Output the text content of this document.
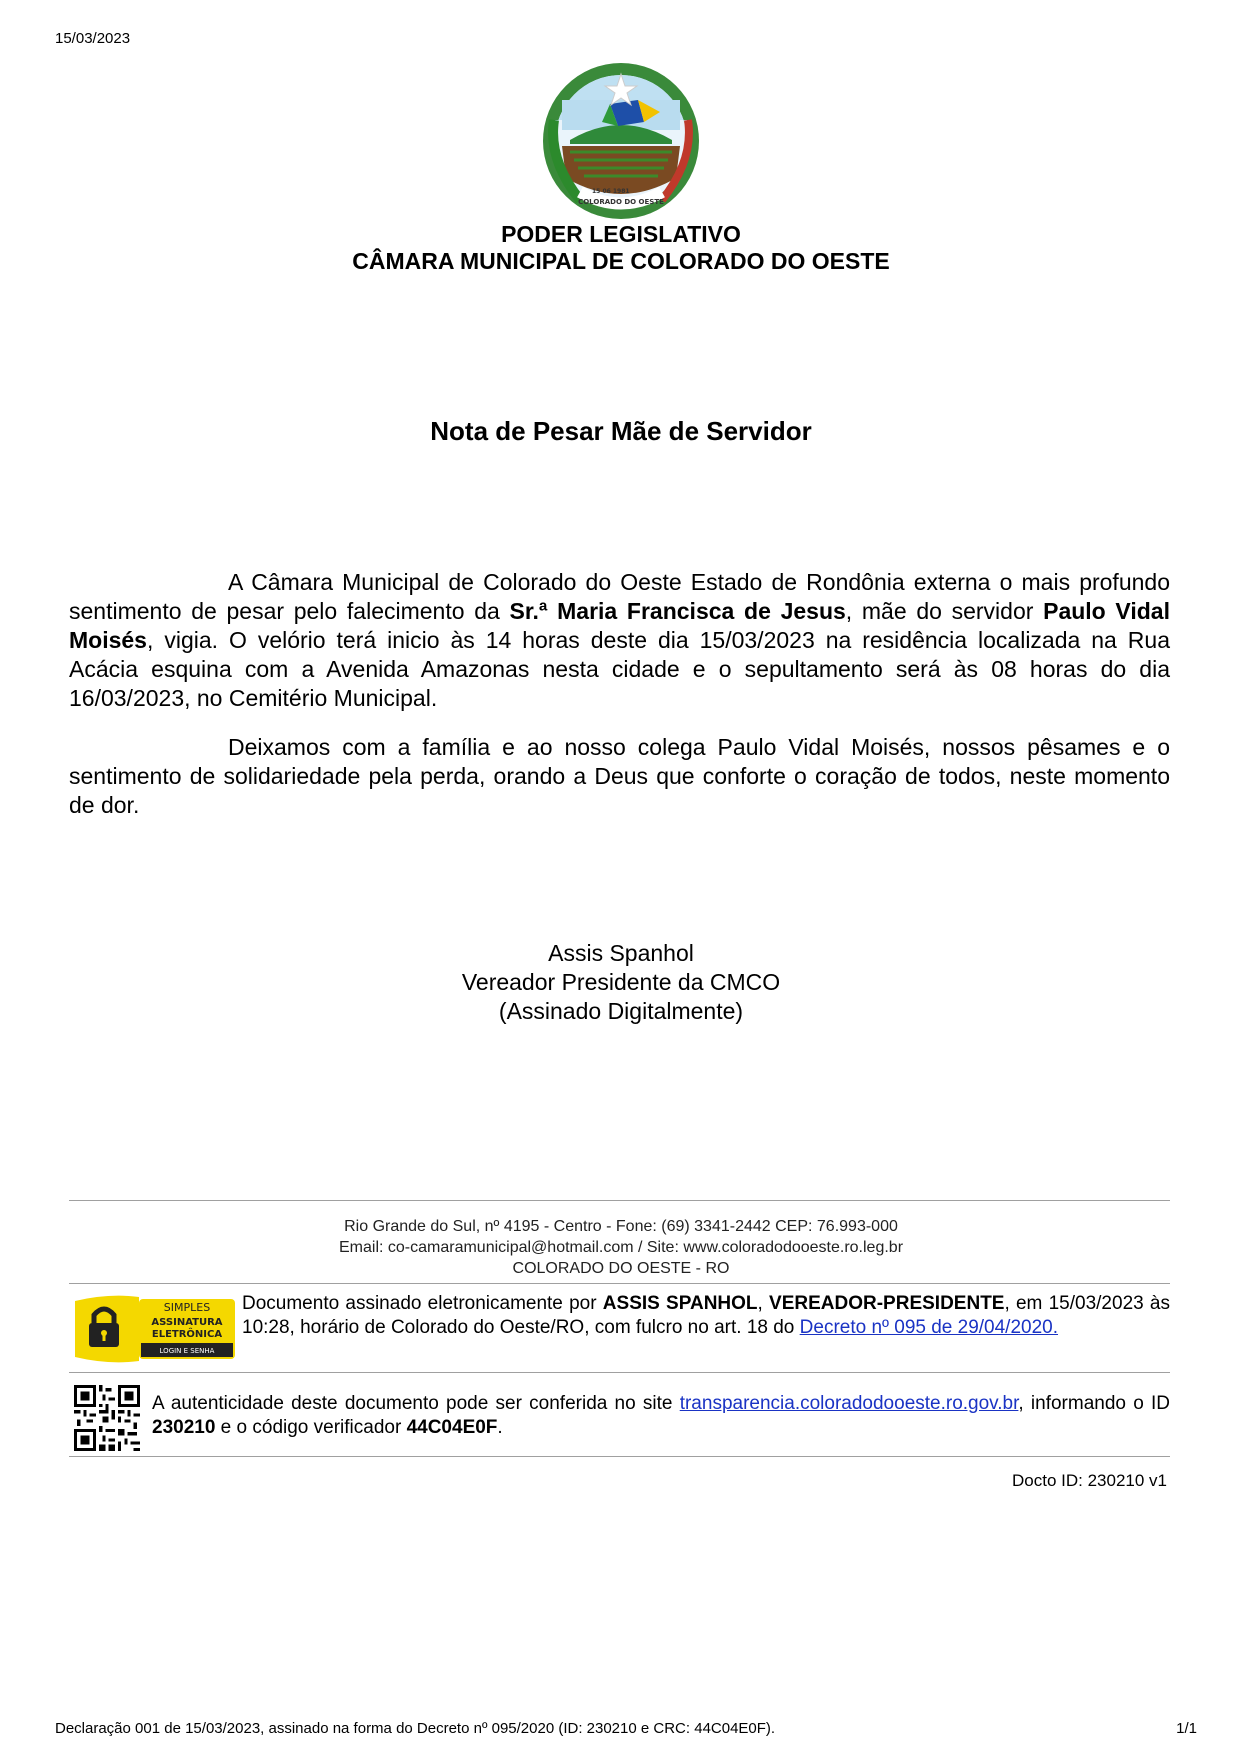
15/03/2023
COLORADO DO OESTE
15 06 1981
PODER LEGISLATIVO
CÂMARA MUNICIPAL DE COLORADO DO OESTE
Nota de Pesar Mãe de Servidor
A Câmara Municipal de Colorado do Oeste Estado de Rondônia externa o mais profundo sentimento de pesar pelo falecimento da Sr.ª Maria Francisca de Jesus, mãe do servidor Paulo Vidal Moisés, vigia. O velório terá inicio às 14 horas deste dia 15/03/2023 na residência localizada na Rua Acácia esquina com a Avenida Amazonas nesta cidade e o sepultamento será às 08 horas do dia 16/03/2023, no Cemitério Municipal.
Deixamos com a família e ao nosso colega Paulo Vidal Moisés, nossos pêsames e o sentimento de solidariedade pela perda, orando a Deus que conforte o coração de todos, neste momento de dor.
Assis Spanhol
Vereador Presidente da CMCO
(Assinado Digitalmente)
Rio Grande do Sul, nº 4195 - Centro - Fone: (69) 3341-2442 CEP: 76.993-000
Email: co-camaramunicipal@hotmail.com / Site: www.coloradodooeste.ro.leg.br
COLORADO DO OESTE - RO
SIMPLES
ASSINATURA
ELETRÔNICA
LOGIN E SENHA
Documento assinado eletronicamente por ASSIS SPANHOL, VEREADOR-PRESIDENTE, em 15/03/2023 às 10:28, horário de Colorado do Oeste/RO, com fulcro no art. 18 do Decreto nº 095 de 29/04/2020.
A autenticidade deste documento pode ser conferida no site transparencia.coloradodooeste.ro.gov.br, informando o ID 230210 e o código verificador 44C04E0F.
Docto ID: 230210 v1
Declaração 001 de 15/03/2023, assinado na forma do Decreto nº 095/2020 (ID: 230210 e CRC: 44C04E0F).	1/1
